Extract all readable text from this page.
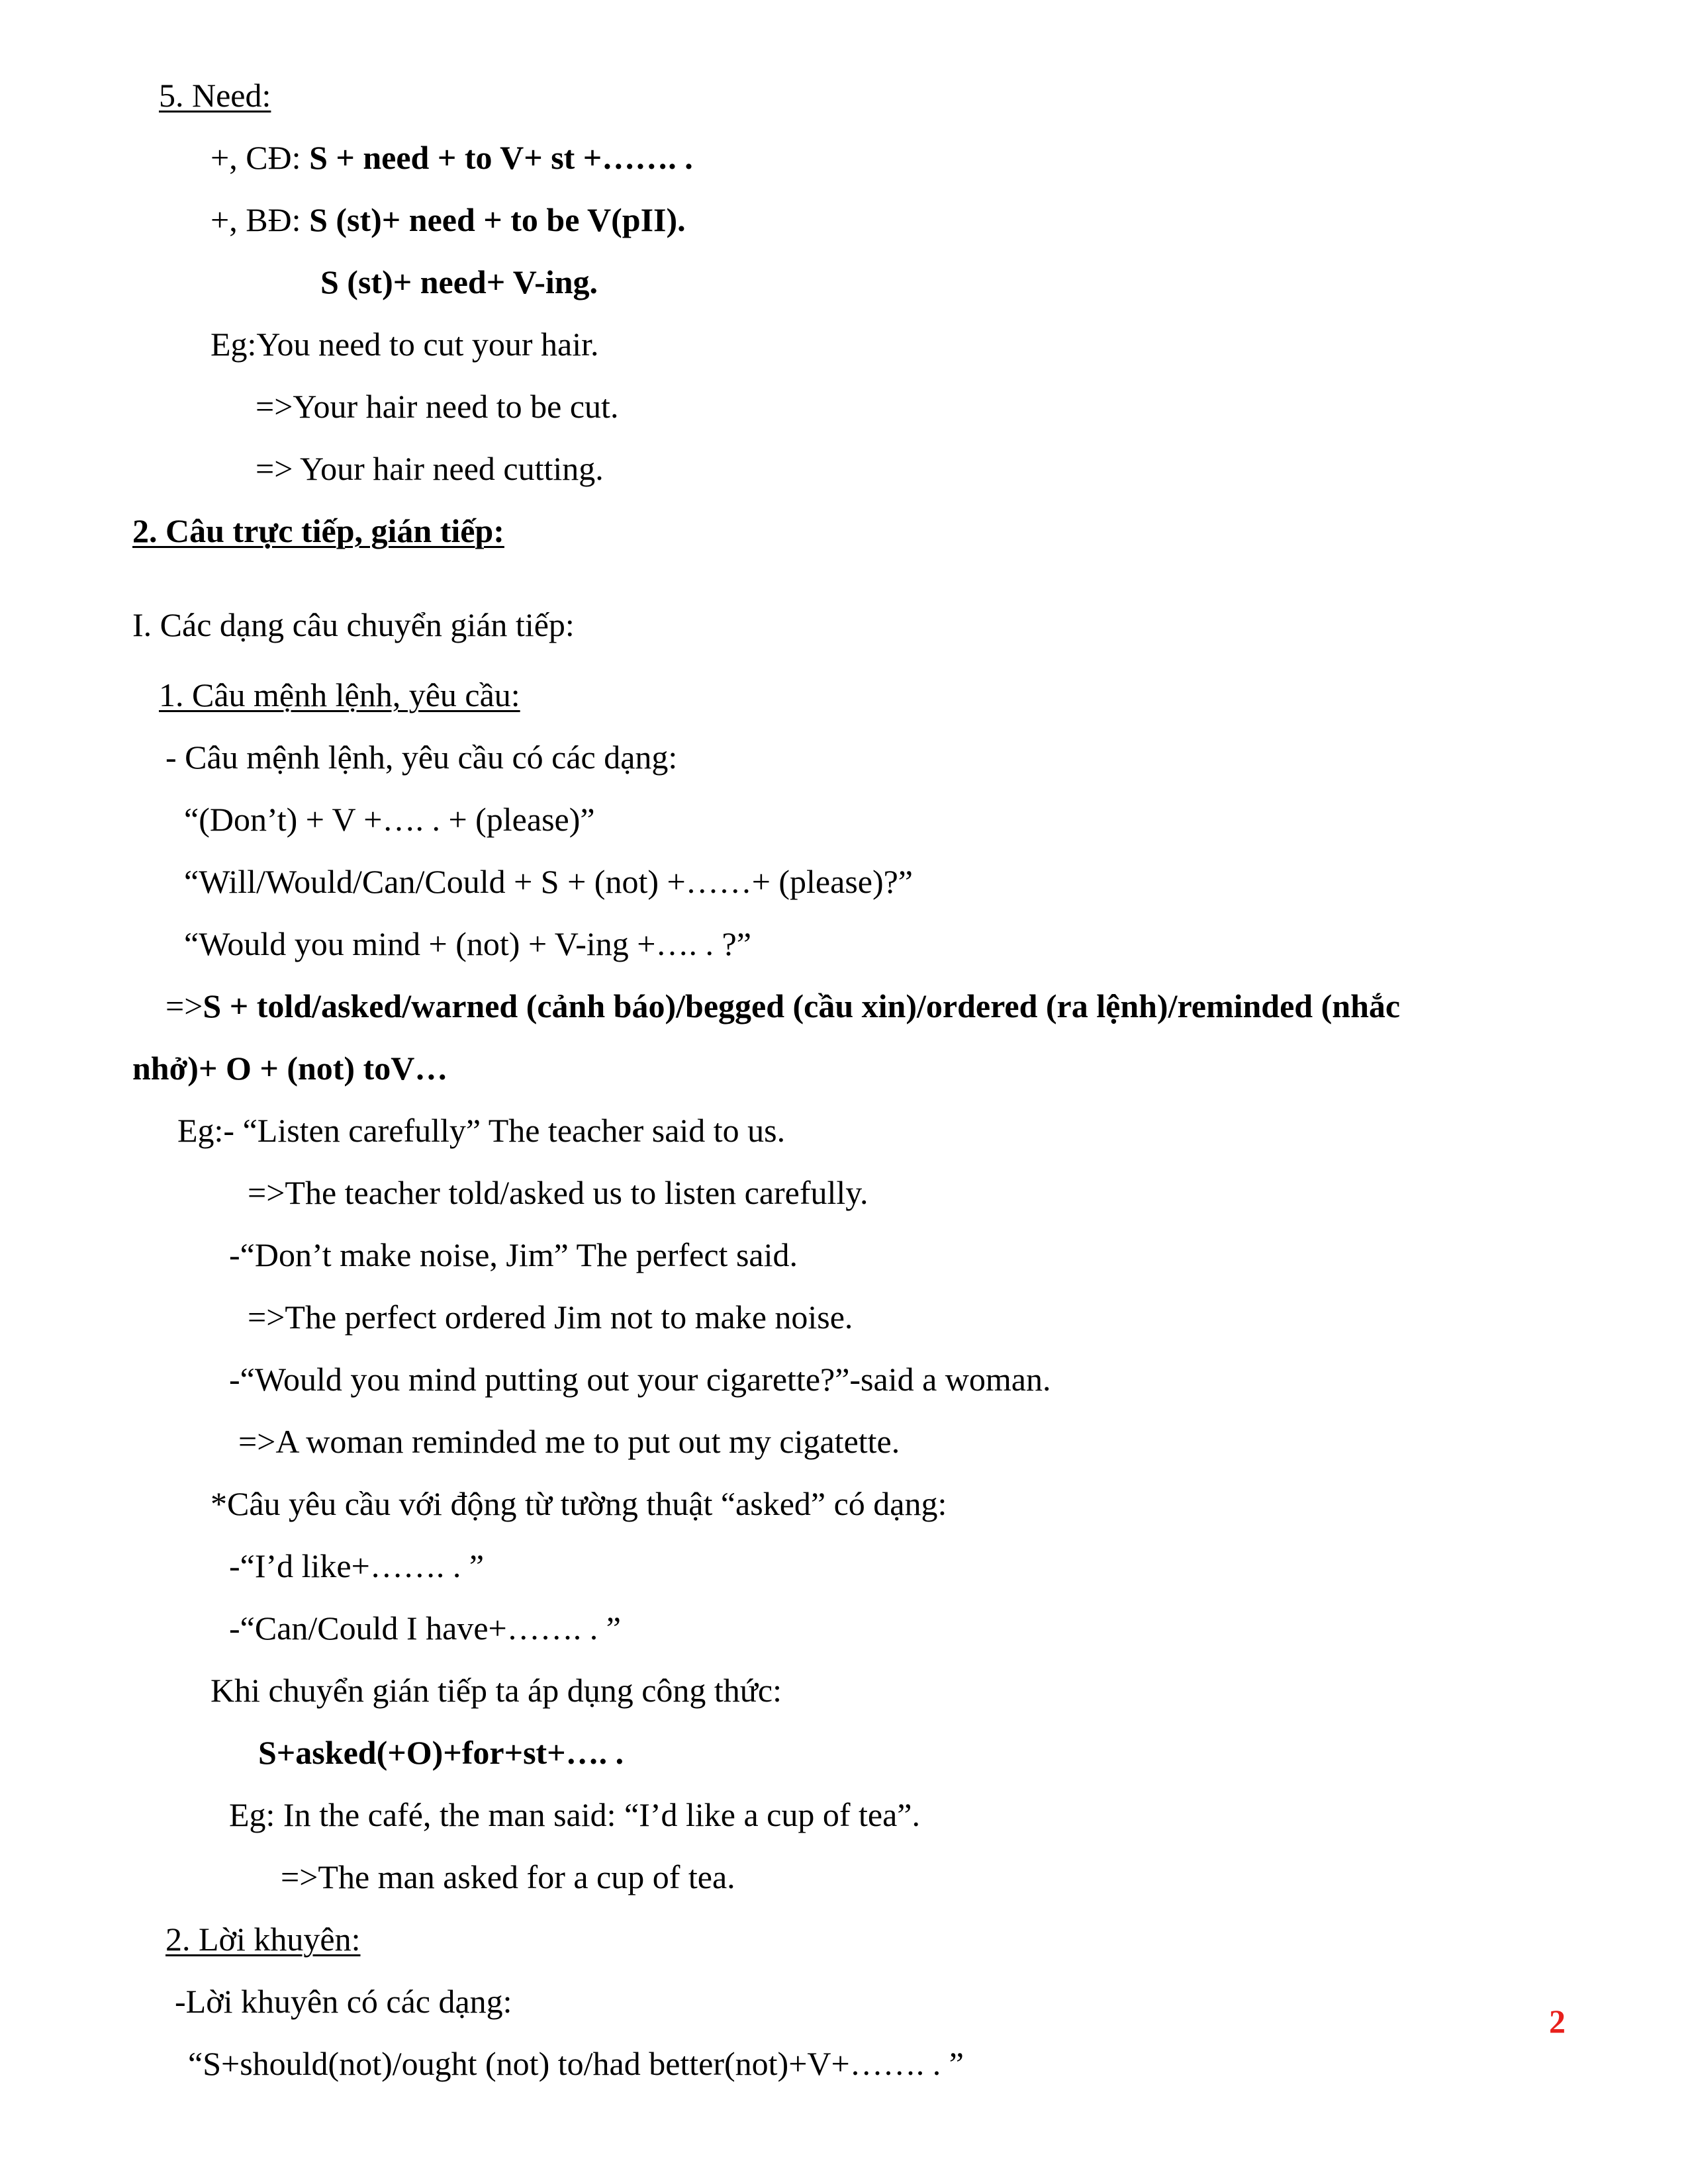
5. Need:
+, CĐ: S + need + to V+ st +……. .
+, BĐ: S (st)+ need + to be V(pII).
S (st)+ need+ V-ing.
Eg:You need to cut your hair.
=>Your hair need to be cut.
=> Your hair need cutting.
2. Câu trực tiếp, gián tiếp:
I. Các dạng câu chuyển gián tiếp:
1. Câu mệnh lệnh, yêu cầu:
- Câu mệnh lệnh, yêu cầu có các dạng:
“(Don’t) + V +…. . + (please)”
“Will/Would/Can/Could + S + (not) +……+ (please)?”
“Would you mind + (not) + V-ing +…. . ?”
=>S + told/asked/warned (cảnh báo)/begged (cầu xin)/ordered (ra lệnh)/reminded (nhắc
nhở)+ O + (not) toV…
Eg:- “Listen carefully” The teacher said to us.
=>The teacher told/asked us to listen carefully.
-“Don’t make noise, Jim” The perfect said.
=>The perfect ordered Jim not to make noise.
-“Would you mind putting out your cigarette?”-said a woman.
=>A woman reminded me to put out my cigatette.
*Câu yêu cầu với động từ tường thuật “asked” có dạng:
-“I’d like+……. . ”
-“Can/Could I have+……. . ”
Khi chuyển gián tiếp ta áp dụng công thức:
S+asked(+O)+for+st+…. .
Eg: In the café, the man said: “I’d like a cup of tea”.
=>The man asked for a cup of tea.
2. Lời khuyên:
-Lời khuyên có các dạng:
“S+should(not)/ought (not) to/had better(not)+V+……. . ”
2
